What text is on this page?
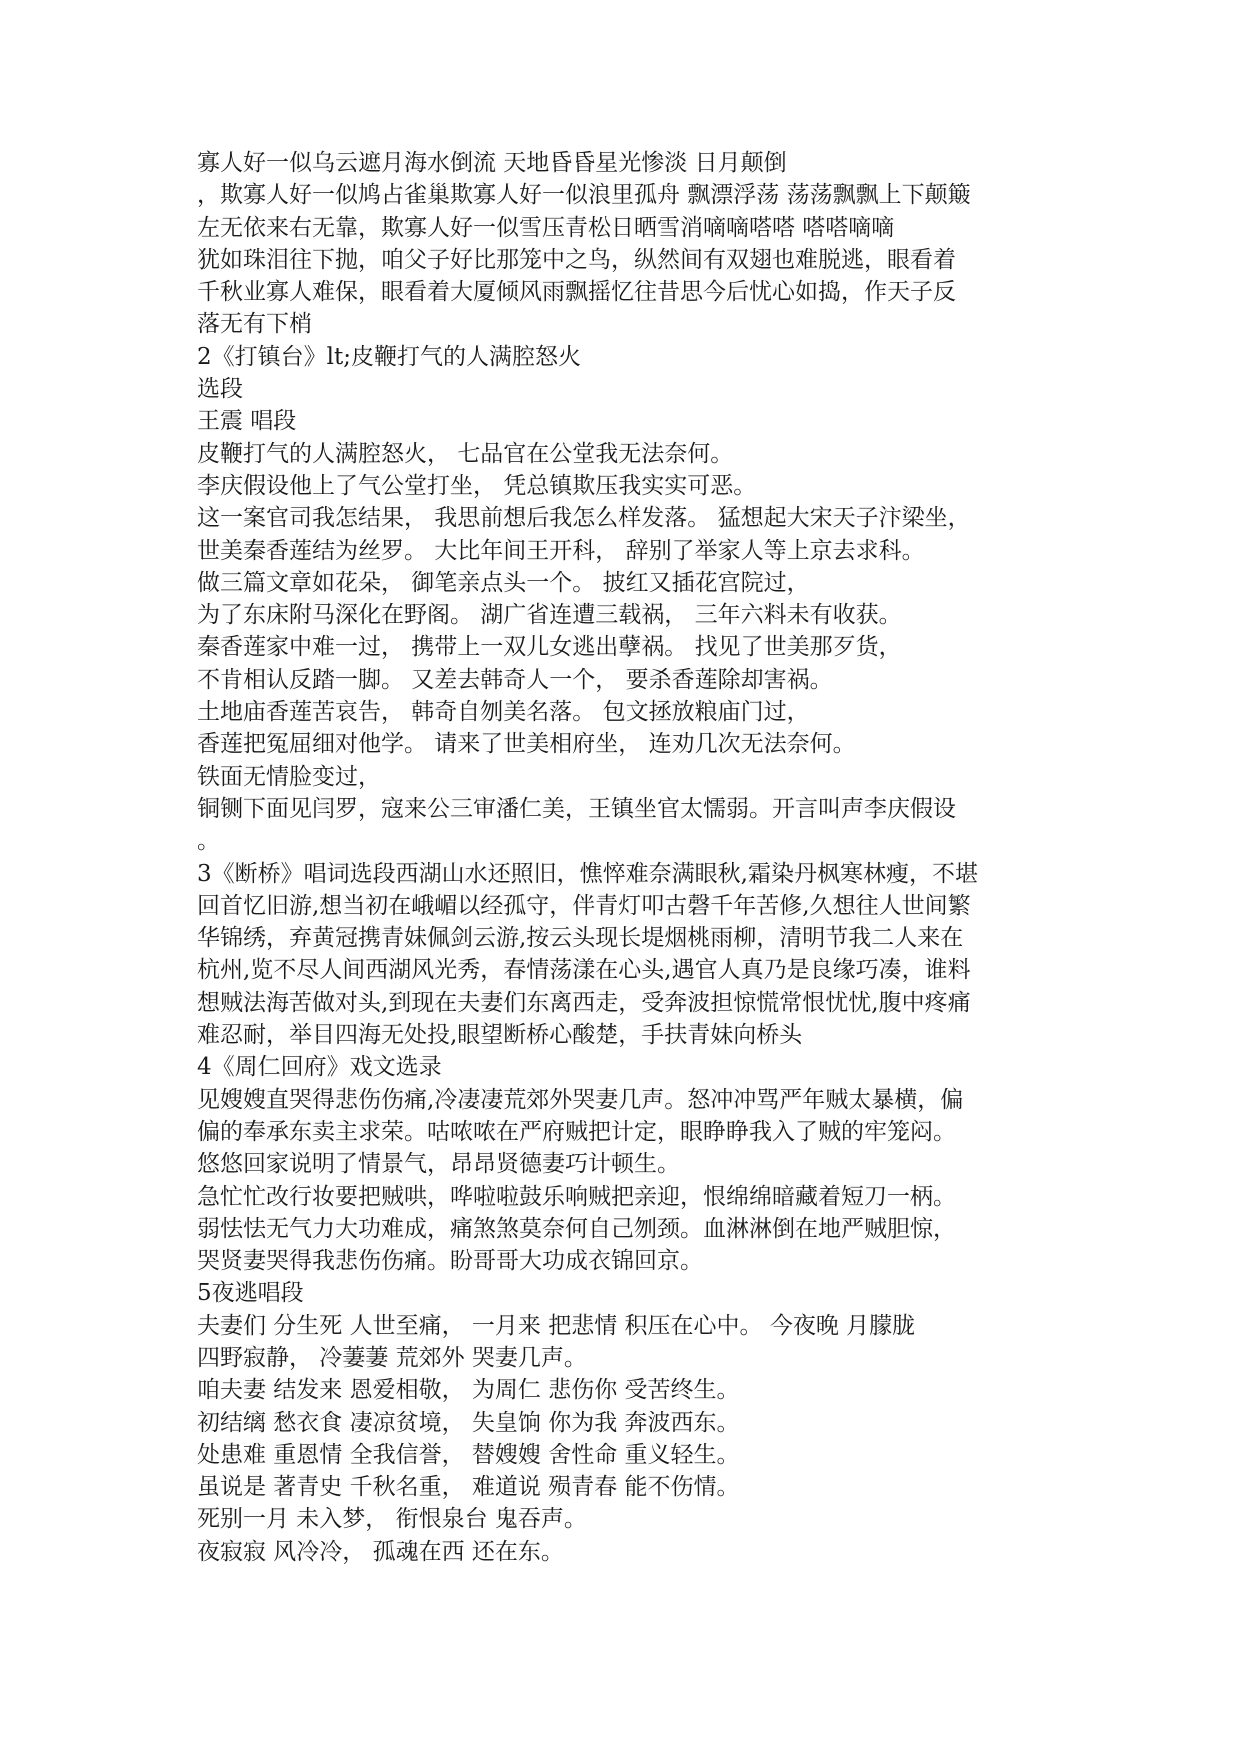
寡人好一似乌云遮月海水倒流 天地昏昏星光惨淡 日月颠倒
，欺寡人好一似鸠占雀巢欺寡人好一似浪里孤舟 飘漂浮荡 荡荡飘飘上下颠簸
左无依来右无靠，欺寡人好一似雪压青松日晒雪消嘀嘀嗒嗒 嗒嗒嘀嘀
犹如珠泪往下抛，咱父子好比那笼中之鸟，纵然间有双翅也难脱逃，眼看着
千秋业寡人难保，眼看着大厦倾风雨飘摇忆往昔思今后忧心如捣，作天子反
落无有下梢
2《打镇台》lt;皮鞭打气的人满腔怒火
选段
王震 唱段
皮鞭打气的人满腔怒火， 七品官在公堂我无法奈何。
李庆假设他上了气公堂打坐， 凭总镇欺压我实实可恶。
这一案官司我怎结果， 我思前想后我怎么样发落。 猛想起大宋天子汴梁坐，
世美秦香莲结为丝罗。 大比年间王开科， 辞别了举家人等上京去求科。
做三篇文章如花朵， 御笔亲点头一个。 披红又插花宫院过，
为了东床附马深化在野阁。 湖广省连遭三载祸， 三年六料未有收获。
秦香莲家中难一过， 携带上一双儿女逃出孽祸。 找见了世美那歹货，
不肯相认反踏一脚。 又差去韩奇人一个， 要杀香莲除却害祸。
土地庙香莲苦哀告， 韩奇自刎美名落。 包文拯放粮庙门过，
香莲把冤屈细对他学。 请来了世美相府坐， 连劝几次无法奈何。
铁面无情脸变过，
铜铡下面见闫罗，寇来公三审潘仁美，王镇坐官太懦弱。开言叫声李庆假设
。
3《断桥》唱词选段西湖山水还照旧，憔悴难奈满眼秋,霜染丹枫寒林瘦，不堪
回首忆旧游,想当初在峨嵋以经孤守，伴青灯叩古磬千年苦修,久想往人世间繁
华锦绣，弃黄冠携青妹佩剑云游,按云头现长堤烟桃雨柳，清明节我二人来在
杭州,览不尽人间西湖风光秀，春情荡漾在心头,遇官人真乃是良缘巧凑，谁料
想贼法海苦做对头,到现在夫妻们东离西走，受奔波担惊慌常恨忧忧,腹中疼痛
难忍耐，举目四海无处投,眼望断桥心酸楚，手扶青妹向桥头
4《周仁回府》戏文选录
见嫂嫂直哭得悲伤伤痛,冷凄凄荒郊外哭妻几声。怒冲冲骂严年贼太暴横，偏
偏的奉承东卖主求荣。咕哝哝在严府贼把计定，眼睁睁我入了贼的牢笼闷。
悠悠回家说明了情景气，昂昂贤德妻巧计顿生。
急忙忙改行妆要把贼哄，哗啦啦鼓乐响贼把亲迎，恨绵绵暗藏着短刀一柄。
弱怯怯无气力大功难成，痛煞煞莫奈何自己刎颈。血淋淋倒在地严贼胆惊，
哭贤妻哭得我悲伤伤痛。盼哥哥大功成衣锦回京。
5夜逃唱段
夫妻们 分生死 人世至痛， 一月来 把悲情 积压在心中。 今夜晚 月朦胧
四野寂静， 冷萋萋 荒郊外 哭妻几声。
咱夫妻 结发来 恩爱相敬， 为周仁 悲伤你 受苦终生。
初结缡 愁衣食 凄凉贫境， 失皇饷 你为我 奔波西东。
处患难 重恩情 全我信誉， 替嫂嫂 舍性命 重义轻生。
虽说是 著青史 千秋名重， 难道说 殒青春 能不伤情。
死别一月 未入梦， 衔恨泉台 鬼吞声。
夜寂寂 风冷冷， 孤魂在西 还在东。
